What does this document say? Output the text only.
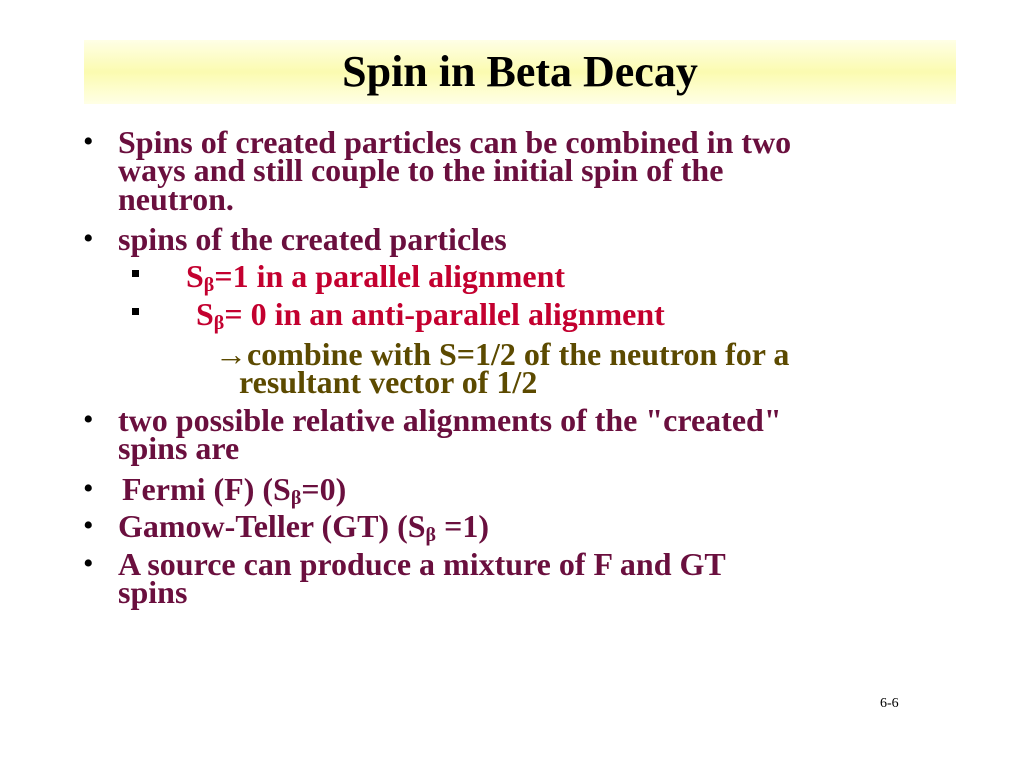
Spin in Beta Decay
• Spins of created particles can be combined in two
ways and still couple to the initial spin of the
neutron.
• spins of the created particles
$S_\beta=1$ in a parallel alignment
$S_\beta= 0$ in an anti-parallel alignment
→combine with S=1/2 of the neutron for a
resultant vector of 1/2
• two possible relative alignments of the "created"
spins are
• Fermi (F) $(S_\beta=0)$
• Gamow-Teller (GT) $(S_\beta =1)$
• A source can produce a mixture of F and GT
spins
6-6
